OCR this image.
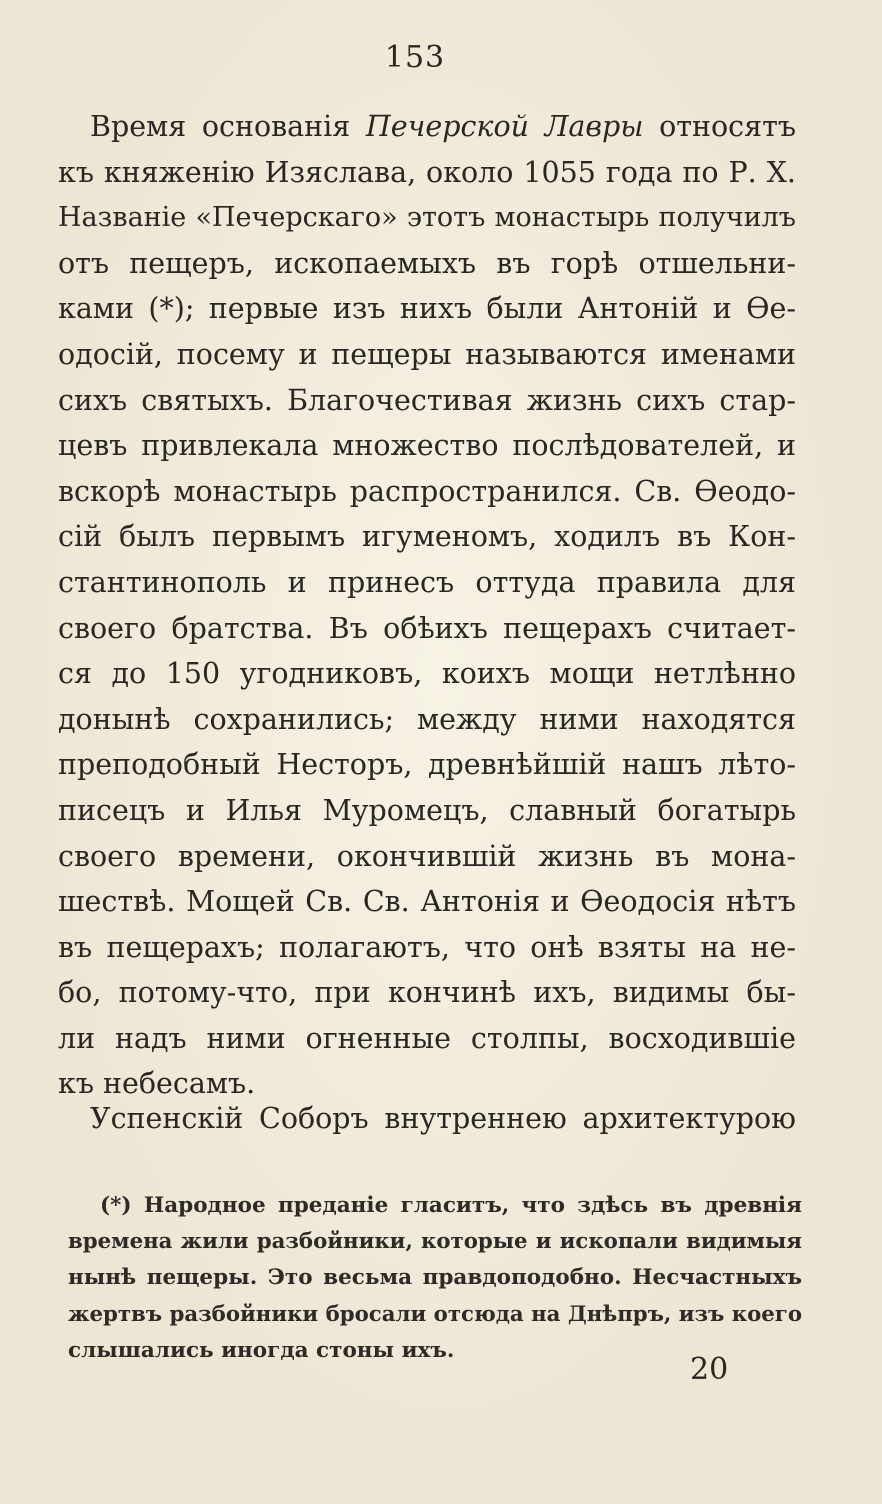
153
Время основанія Печерской Лавры относятъ
къ княженію Изяслава, около 1055 года по Р. Х.
Названіе «Печерскаго» этотъ монастырь получилъ
отъ пещеръ, ископаемыхъ въ горѣ отшельни-
ками (*); первые изъ нихъ были Антоній и Ѳе-
одосій, посему и пещеры называются именами
сихъ святыхъ. Благочестивая жизнь сихъ стар-
цевъ привлекала множество послѣдователей, и
вскорѣ монастырь распространился. Св. Ѳеодо-
сій былъ первымъ игуменомъ, ходилъ въ Кон-
стантинополь и принесъ оттуда правила для
своего братства. Въ обѣихъ пещерахъ считает-
ся до 150 угодниковъ, коихъ мощи нетлѣнно
донынѣ сохранились; между ними находятся
преподобный Несторъ, древнѣйшій нашъ лѣто-
писецъ и Илья Муромецъ, славный богатырь
своего времени, окончившій жизнь въ мона-
шествѣ. Мощей Св. Св. Антонія и Ѳеодосія нѣтъ
въ пещерахъ; полагаютъ, что онѣ взяты на не-
бо, потому-что, при кончинѣ ихъ, видимы бы-
ли надъ ними огненные столпы, восходившіе
къ небесамъ.
Успенскій Соборъ внутреннею архитектурою
(*) Народное преданіе гласитъ, что здѣсь въ древнія
времена жили разбойники, которые и ископали видимыя
нынѣ пещеры. Это весьма правдоподобно. Несчастныхъ
жертвъ разбойники бросали отсюда на Днѣпръ, изъ коего
слышались иногда стоны ихъ.
20
